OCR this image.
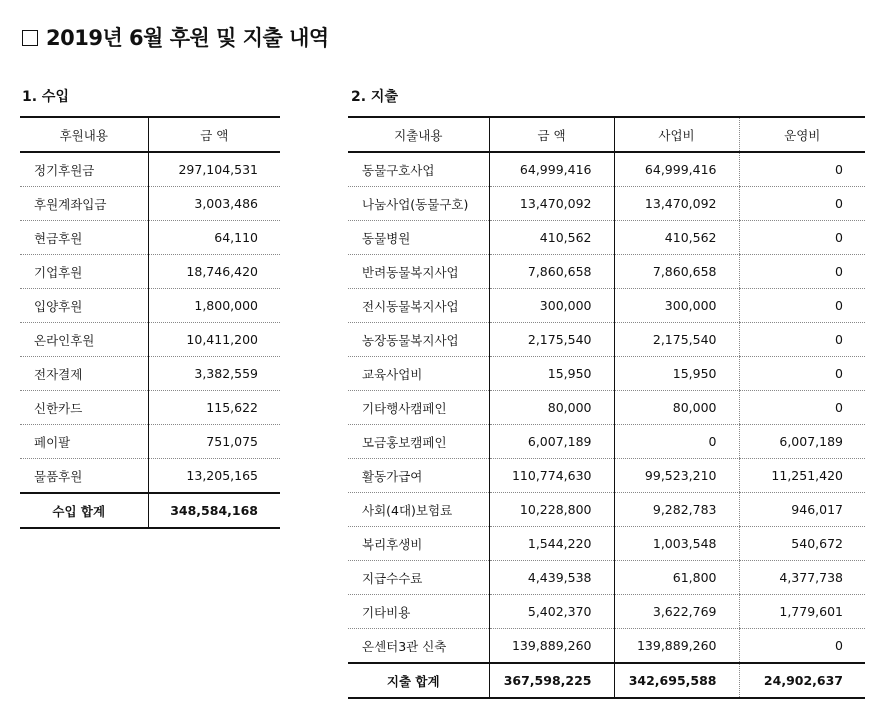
2019년 6월 후원 및 지출 내역
1. 수입	2. 지출
후원내용	금 액
정기후원금	297,104,531
후원계좌입금	3,003,486
현금후원	64,110
기업후원	18,746,420
입양후원	1,800,000
온라인후원	10,411,200
전자결제	3,382,559
신한카드	115,622
페이팔	751,075
물품후원	13,205,165
수입 합계	348,584,168
지출내용	금 액	사업비	운영비
동물구호사업	64,999,416	64,999,416	0
나눔사업(동물구호)	13,470,092	13,470,092	0
동물병원	410,562	410,562	0
반려동물복지사업	7,860,658	7,860,658	0
전시동물복지사업	300,000	300,000	0
농장동물복지사업	2,175,540	2,175,540	0
교육사업비	15,950	15,950	0
기타행사캠페인	80,000	80,000	0
모금홍보캠페인	6,007,189	0	6,007,189
활동가급여	110,774,630	99,523,210	11,251,420
사회(4대)보험료	10,228,800	9,282,783	946,017
복리후생비	1,544,220	1,003,548	540,672
지급수수료	4,439,538	61,800	4,377,738
기타비용	5,402,370	3,622,769	1,779,601
온센터3관 신축	139,889,260	139,889,260	0
지출 합계	367,598,225	342,695,588	24,902,637
